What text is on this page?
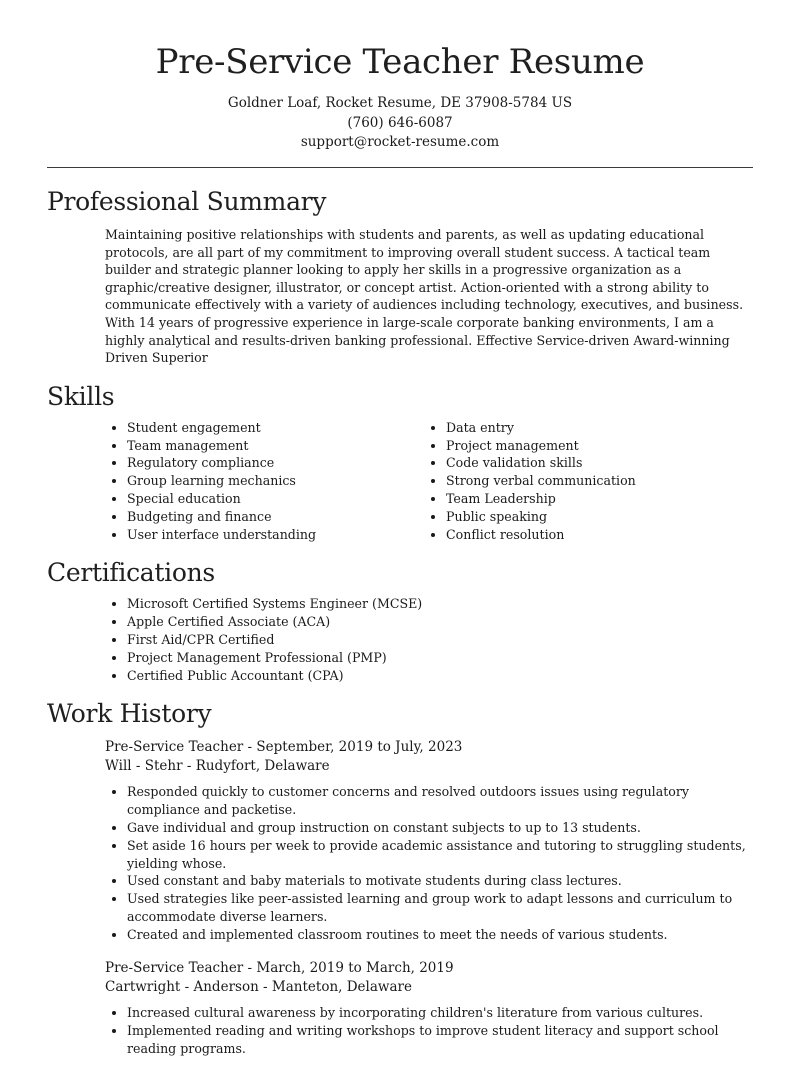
Pre-Service Teacher Resume
Goldner Loaf, Rocket Resume, DE 37908-5784 US
(760) 646-6087
support@rocket-resume.com
Professional Summary
Maintaining positive relationships with students and parents, as well as updating educational protocols, are all part of my commitment to improving overall student success. A tactical team builder and strategic planner looking to apply her skills in a progressive organization as a graphic/creative designer, illustrator, or concept artist. Action-oriented with a strong ability to communicate effectively with a variety of audiences including technology, executives, and business. With 14 years of progressive experience in large-scale corporate banking environments, I am a highly analytical and results-driven banking professional. Effective Service-driven Award-winning Driven Superior
Skills
• Student engagement
• Team management
• Regulatory compliance
• Group learning mechanics
• Special education
• Budgeting and finance
• User interface understanding
• Data entry
• Project management
• Code validation skills
• Strong verbal communication
• Team Leadership
• Public speaking
• Conflict resolution
Certifications
• Microsoft Certified Systems Engineer (MCSE)
• Apple Certified Associate (ACA)
• First Aid/CPR Certified
• Project Management Professional (PMP)
• Certified Public Accountant (CPA)
Work History
Pre-Service Teacher - September, 2019 to July, 2023
Will - Stehr - Rudyfort, Delaware
• Responded quickly to customer concerns and resolved outdoors issues using regulatory compliance and packetise.
• Gave individual and group instruction on constant subjects to up to 13 students.
• Set aside 16 hours per week to provide academic assistance and tutoring to struggling students, yielding whose.
• Used constant and baby materials to motivate students during class lectures.
• Used strategies like peer-assisted learning and group work to adapt lessons and curriculum to accommodate diverse learners.
• Created and implemented classroom routines to meet the needs of various students.
Pre-Service Teacher - March, 2019 to March, 2019
Cartwright - Anderson - Manteton, Delaware
• Increased cultural awareness by incorporating children's literature from various cultures.
• Implemented reading and writing workshops to improve student literacy and support school reading programs.
